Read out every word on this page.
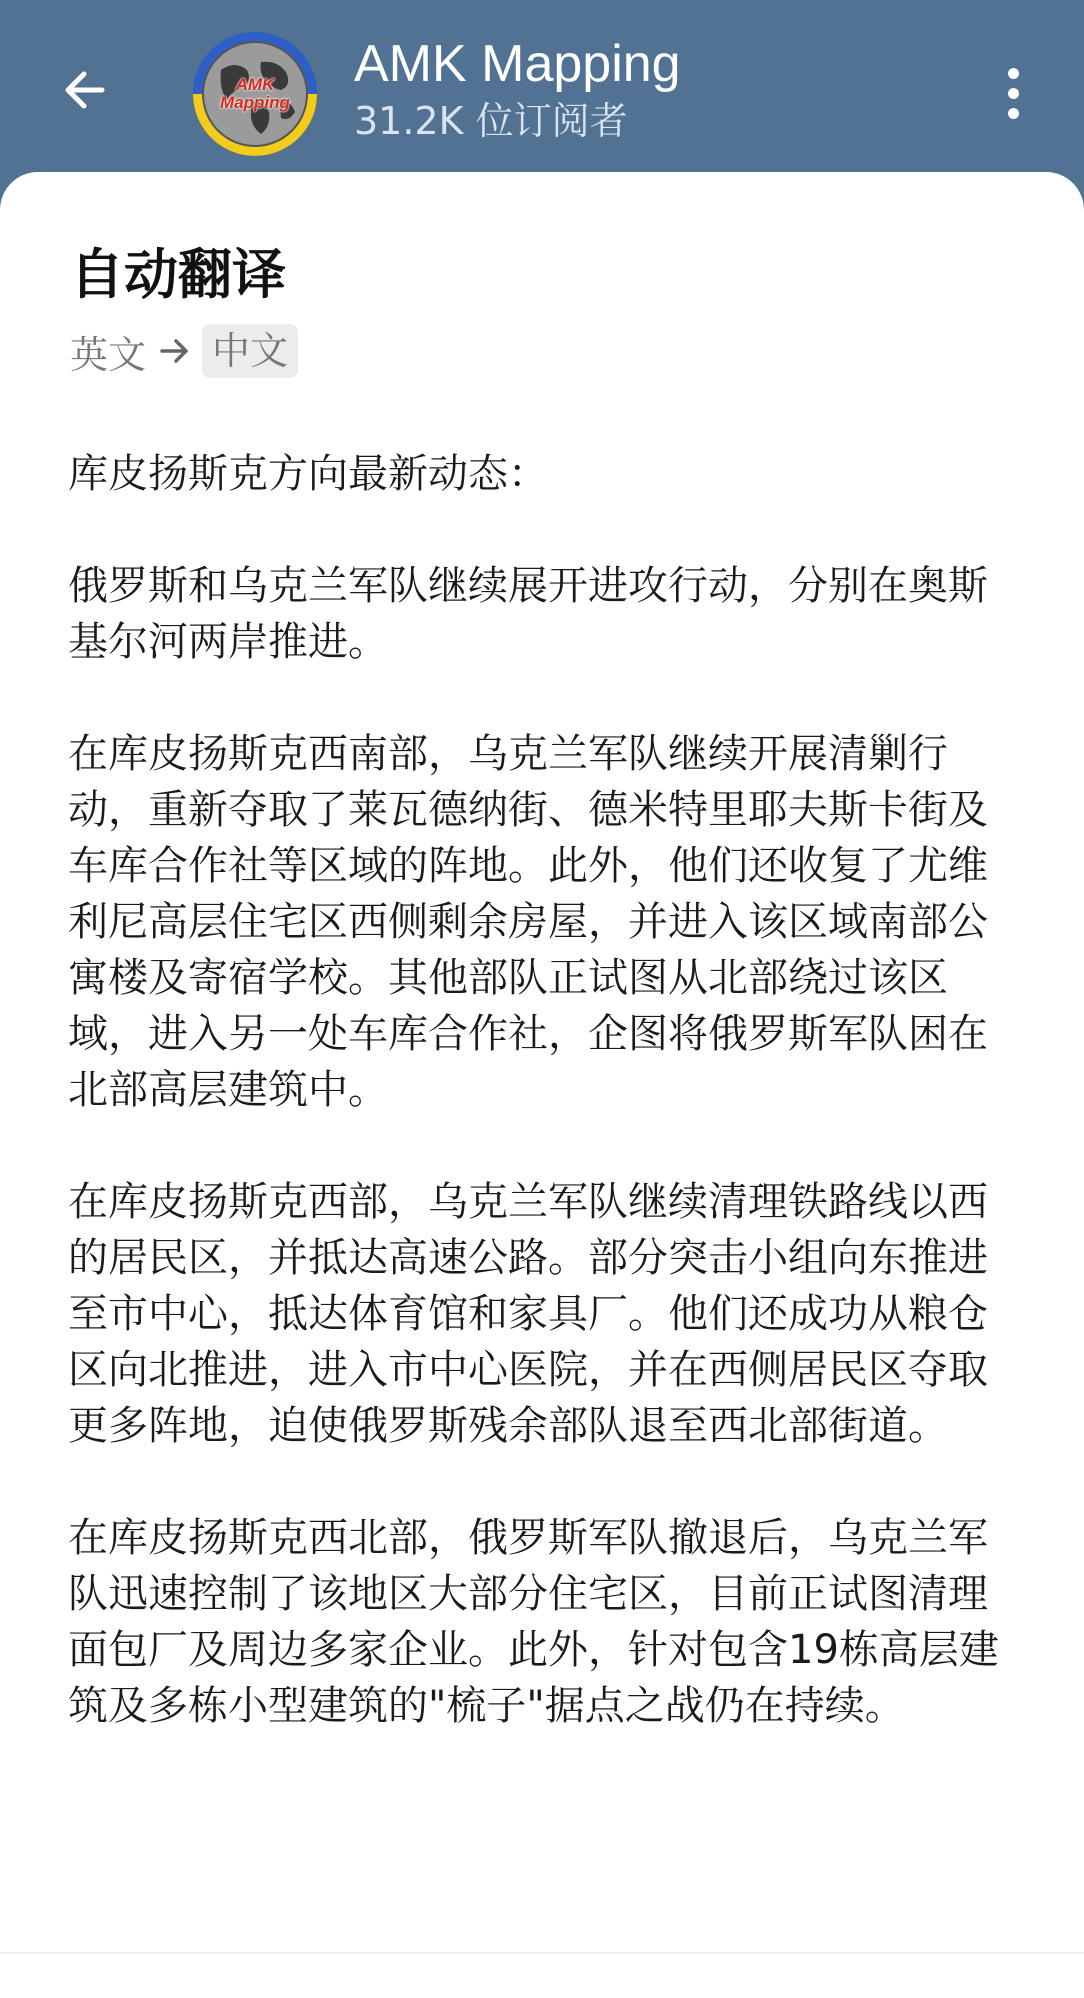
AMK
Mapping
AMK Mapping
31.2K 位订阅者
自动翻译
英文 中文

库皮扬斯克方向最新动态：

俄罗斯和乌克兰军队继续展开进攻行动，分别在奥斯基尔河两岸推进。

在库皮扬斯克西南部，乌克兰军队继续开展清剿行动，重新夺取了莱瓦德纳街、德米特里耶夫斯卡街及车库合作社等区域的阵地。此外，他们还收复了尤维利尼高层住宅区西侧剩余房屋，并进入该区域南部公寓楼及寄宿学校。其他部队正试图从北部绕过该区域，进入另一处车库合作社，企图将俄罗斯军队困在北部高层建筑中。

在库皮扬斯克西部，乌克兰军队继续清理铁路线以西的居民区，并抵达高速公路。部分突击小组向东推进至市中心，抵达体育馆和家具厂。他们还成功从粮仓区向北推进，进入市中心医院，并在西侧居民区夺取更多阵地，迫使俄罗斯残余部队退至西北部街道。

在库皮扬斯克西北部，俄罗斯军队撤退后，乌克兰军队迅速控制了该地区大部分住宅区，目前正试图清理面包厂及周边多家企业。此外，针对包含19栋高层建筑及多栋小型建筑的"梳子"据点之战仍在持续。
